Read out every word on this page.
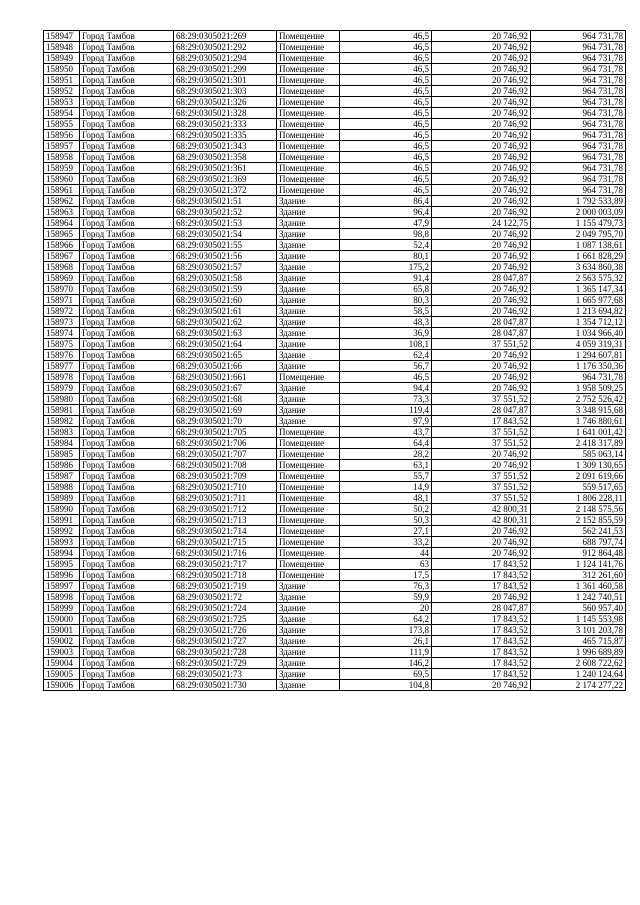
158947	Город Тамбов	68:29:0305021:269	Помещение	46,5	20 746,92	964 731,78
158948	Город Тамбов	68:29:0305021:292	Помещение	46,5	20 746,92	964 731,78
158949	Город Тамбов	68:29:0305021:294	Помещение	46,5	20 746,92	964 731,78
158950	Город Тамбов	68:29:0305021:299	Помещение	46,5	20 746,92	964 731,78
158951	Город Тамбов	68:29:0305021:301	Помещение	46,5	20 746,92	964 731,78
158952	Город Тамбов	68:29:0305021:303	Помещение	46,5	20 746,92	964 731,78
158953	Город Тамбов	68:29:0305021:326	Помещение	46,5	20 746,92	964 731,78
158954	Город Тамбов	68:29:0305021:328	Помещение	46,5	20 746,92	964 731,78
158955	Город Тамбов	68:29:0305021:333	Помещение	46,5	20 746,92	964 731,78
158956	Город Тамбов	68:29:0305021:335	Помещение	46,5	20 746,92	964 731,78
158957	Город Тамбов	68:29:0305021:343	Помещение	46,5	20 746,92	964 731,78
158958	Город Тамбов	68:29:0305021:358	Помещение	46,5	20 746,92	964 731,78
158959	Город Тамбов	68:29:0305021:361	Помещение	46,5	20 746,92	964 731,78
158960	Город Тамбов	68:29:0305021:369	Помещение	46,5	20 746,92	964 731,78
158961	Город Тамбов	68:29:0305021:372	Помещение	46,5	20 746,92	964 731,78
158962	Город Тамбов	68:29:0305021:51	Здание	86,4	20 746,92	1 792 533,89
158963	Город Тамбов	68:29:0305021:52	Здание	96,4	20 746,92	2 000 003,09
158964	Город Тамбов	68:29:0305021:53	Здание	47,9	24 122,75	1 155 479,73
158965	Город Тамбов	68:29:0305021:54	Здание	98,8	20 746,92	2 049 795,70
158966	Город Тамбов	68:29:0305021:55	Здание	52,4	20 746,92	1 087 138,61
158967	Город Тамбов	68:29:0305021:56	Здание	80,1	20 746,92	1 661 828,29
158968	Город Тамбов	68:29:0305021:57	Здание	175,2	20 746,92	3 634 860,38
158969	Город Тамбов	68:29:0305021:58	Здание	91,4	28 047,87	2 563 575,32
158970	Город Тамбов	68:29:0305021:59	Здание	65,8	20 746,92	1 365 147,34
158971	Город Тамбов	68:29:0305021:60	Здание	80,3	20 746,92	1 665 977,68
158972	Город Тамбов	68:29:0305021:61	Здание	58,5	20 746,92	1 213 694,82
158973	Город Тамбов	68:29:0305021:62	Здание	48,3	28 047,87	1 354 712,12
158974	Город Тамбов	68:29:0305021:63	Здание	36,9	28 047,87	1 034 966,40
158975	Город Тамбов	68:29:0305021:64	Здание	108,1	37 551,52	4 059 319,31
158976	Город Тамбов	68:29:0305021:65	Здание	62,4	20 746,92	1 294 607,81
158977	Город Тамбов	68:29:0305021:66	Здание	56,7	20 746,92	1 176 350,36
158978	Город Тамбов	68:29:0305021:661	Помещение	46,5	20 746,92	964 731,78
158979	Город Тамбов	68:29:0305021:67	Здание	94,4	20 746,92	1 958 509,25
158980	Город Тамбов	68:29:0305021:68	Здание	73,3	37 551,52	2 752 526,42
158981	Город Тамбов	68:29:0305021:69	Здание	119,4	28 047,87	3 348 915,68
158982	Город Тамбов	68:29:0305021:70	Здание	97,9	17 843,52	1 746 880,61
158983	Город Тамбов	68:29:0305021:705	Помещение	43,7	37 551,52	1 641 001,42
158984	Город Тамбов	68:29:0305021:706	Помещение	64,4	37 551,52	2 418 317,89
158985	Город Тамбов	68:29:0305021:707	Помещение	28,2	20 746,92	585 063,14
158986	Город Тамбов	68:29:0305021:708	Помещение	63,1	20 746,92	1 309 130,65
158987	Город Тамбов	68:29:0305021:709	Помещение	55,7	37 551,52	2 091 619,66
158988	Город Тамбов	68:29:0305021:710	Помещение	14,9	37 551,52	559 517,65
158989	Город Тамбов	68:29:0305021:711	Помещение	48,1	37 551,52	1 806 228,11
158990	Город Тамбов	68:29:0305021:712	Помещение	50,2	42 800,31	2 148 575,56
158991	Город Тамбов	68:29:0305021:713	Помещение	50,3	42 800,31	2 152 855,59
158992	Город Тамбов	68:29:0305021:714	Помещение	27,1	20 746,92	562 241,53
158993	Город Тамбов	68:29:0305021:715	Помещение	33,2	20 746,92	688 797,74
158994	Город Тамбов	68:29:0305021:716	Помещение	44	20 746,92	912 864,48
158995	Город Тамбов	68:29:0305021:717	Помещение	63	17 843,52	1 124 141,76
158996	Город Тамбов	68:29:0305021:718	Помещение	17,5	17 843,52	312 261,60
158997	Город Тамбов	68:29:0305021:719	Здание	76,3	17 843,52	1 361 460,58
158998	Город Тамбов	68:29:0305021:72	Здание	59,9	20 746,92	1 242 740,51
158999	Город Тамбов	68:29:0305021:724	Здание	20	28 047,87	560 957,40
159000	Город Тамбов	68:29:0305021:725	Здание	64,2	17 843,52	1 145 553,98
159001	Город Тамбов	68:29:0305021:726	Здание	173,8	17 843,52	3 101 203,78
159002	Город Тамбов	68:29:0305021:727	Здание	26,1	17 843,52	465 715,87
159003	Город Тамбов	68:29:0305021:728	Здание	111,9	17 843,52	1 996 689,89
159004	Город Тамбов	68:29:0305021:729	Здание	146,2	17 843,52	2 608 722,62
159005	Город Тамбов	68:29:0305021:73	Здание	69,5	17 843,52	1 240 124,64
159006	Город Тамбов	68:29:0305021:730	Здание	104,8	20 746,92	2 174 277,22
